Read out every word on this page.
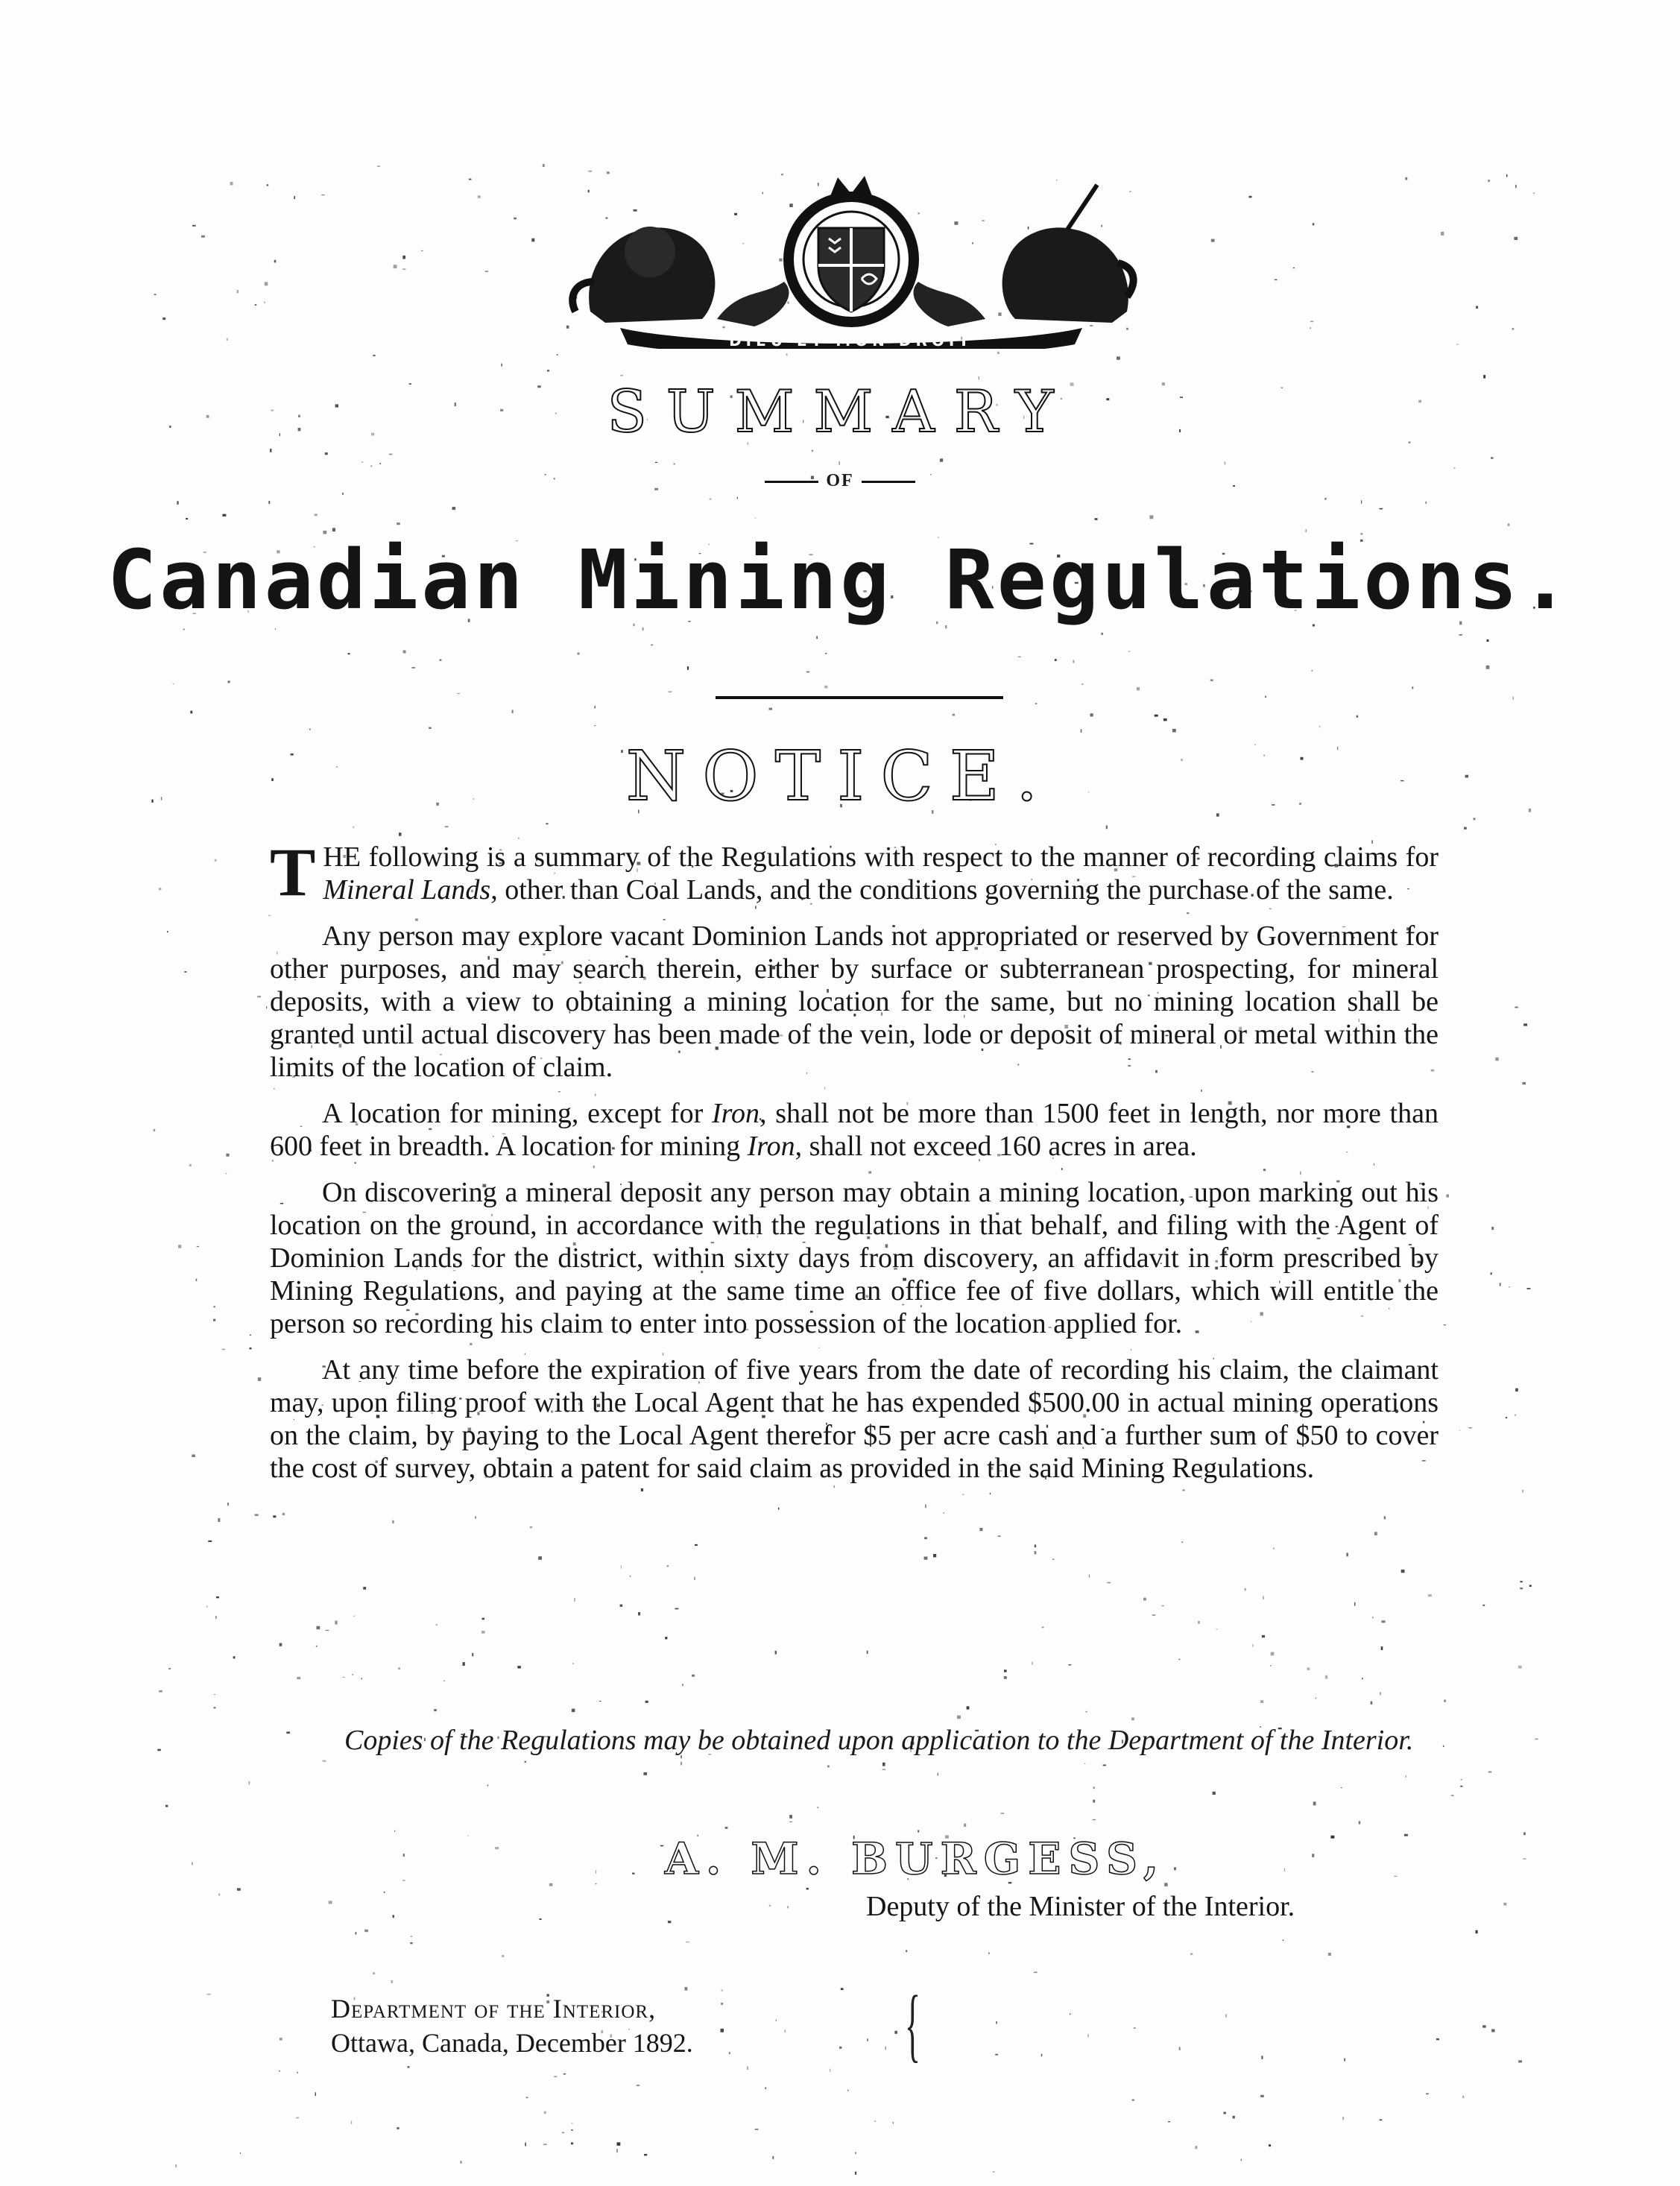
DIEU ET MON DROIT
SUMMARY
OF
Canadian Mining Regulations.
NOTICE.

THE following is a summary of the Regulations with respect to the manner of recording claims for Mineral Lands, other than Coal Lands, and the conditions governing the purchase of the same.

Any person may explore vacant Dominion Lands not appropriated or reserved by Government for other purposes, and may search therein, either by surface or subterranean prospecting, for mineral deposits, with a view to obtaining a mining location for the same, but no mining location shall be granted until actual discovery has been made of the vein, lode or deposit of mineral or metal within the limits of the location of claim.

A location for mining, except for Iron, shall not be more than 1500 feet in length, nor more than 600 feet in breadth. A location for mining Iron, shall not exceed 160 acres in area.

On discovering a mineral deposit any person may obtain a mining location, upon marking out his location on the ground, in accordance with the regulations in that behalf, and filing with the Agent of Dominion Lands for the district, within sixty days from discovery, an affidavit in form prescribed by Mining Regulations, and paying at the same time an office fee of five dollars, which will entitle the person so recording his claim to enter into possession of the location applied for.

At any time before the expiration of five years from the date of recording his claim, the claimant may, upon filing proof with the Local Agent that he has expended $500.00 in actual mining operations on the claim, by paying to the Local Agent therefor $5 per acre cash and a further sum of $50 to cover the cost of survey, obtain a patent for said claim as provided in the said Mining Regulations.

Copies of the Regulations may be obtained upon application to the Department of the Interior.
A. M. BURGESS,
Deputy of the Minister of the Interior.
Department of the Interior,
Ottawa, Canada, December 1892.	{
